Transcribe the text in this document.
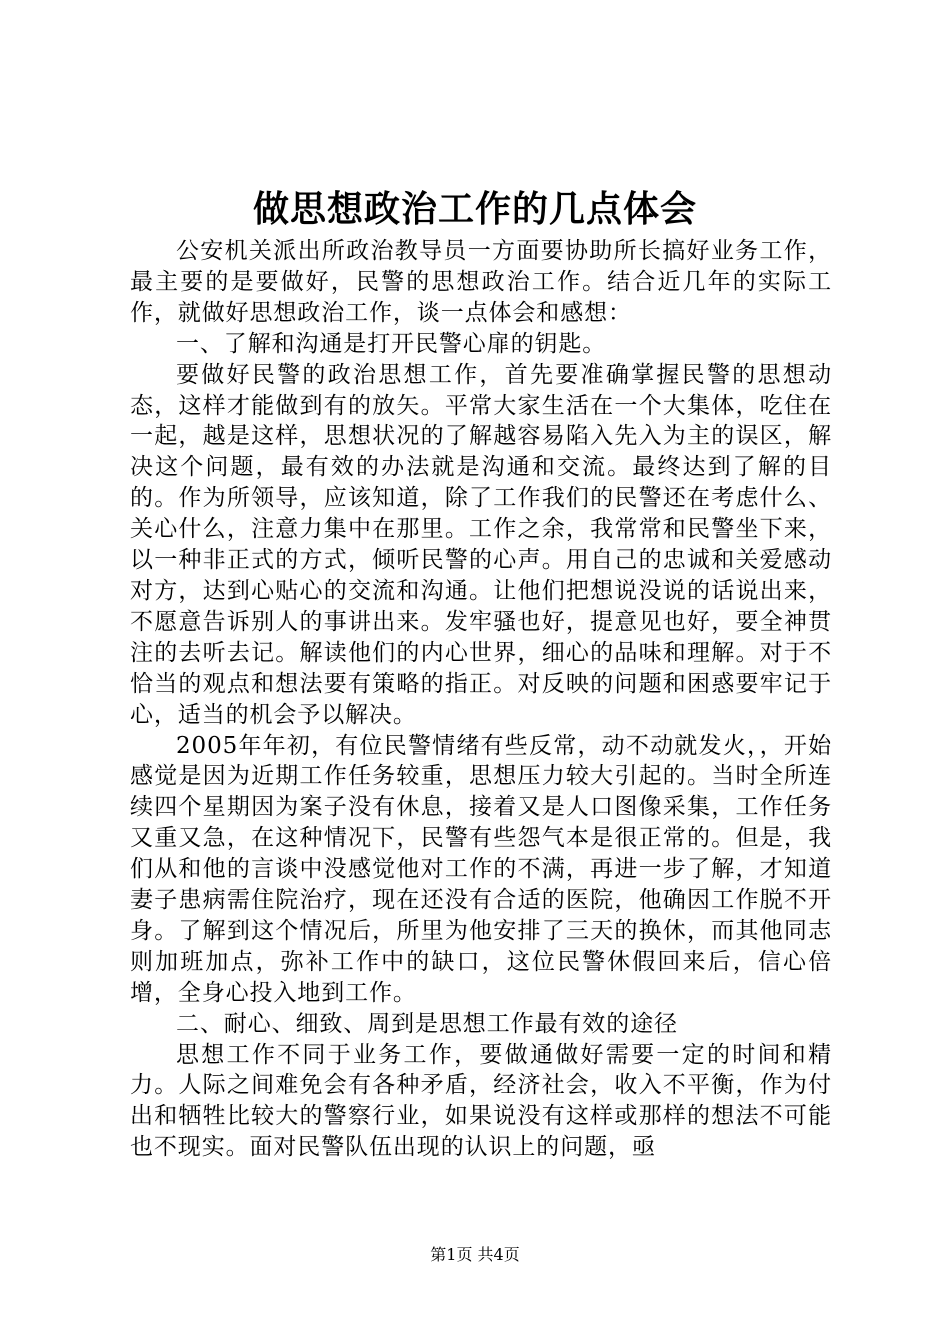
做思想政治工作的几点体会

公安机关派出所政治教导员一方面要协助所长搞好业务工作，最主要的是要做好，民警的思想政治工作。结合近几年的实际工作，就做好思想政治工作，谈一点体会和感想：

一、了解和沟通是打开民警心扉的钥匙。

要做好民警的政治思想工作，首先要准确掌握民警的思想动态，这样才能做到有的放矢。平常大家生活在一个大集体，吃住在一起，越是这样，思想状况的了解越容易陷入先入为主的误区，解决这个问题，最有效的办法就是沟通和交流。最终达到了解的目的。作为所领导，应该知道，除了工作我们的民警还在考虑什么、关心什么，注意力集中在那里。工作之余，我常常和民警坐下来，以一种非正式的方式，倾听民警的心声。用自己的忠诚和关爱感动对方，达到心贴心的交流和沟通。让他们把想说没说的话说出来，不愿意告诉别人的事讲出来。发牢骚也好，提意见也好，要全神贯注的去听去记。解读他们的内心世界，细心的品味和理解。对于不恰当的观点和想法要有策略的指正。对反映的问题和困惑要牢记于心，适当的机会予以解决。

2005年年初，有位民警情绪有些反常，动不动就发火，，开始感觉是因为近期工作任务较重，思想压力较大引起的。当时全所连续四个星期因为案子没有休息，接着又是人口图像采集，工作任务又重又急，在这种情况下，民警有些怨气本是很正常的。但是，我们从和他的言谈中没感觉他对工作的不满，再进一步了解，才知道妻子患病需住院治疗，现在还没有合适的医院，他确因工作脱不开身。了解到这个情况后，所里为他安排了三天的换休，而其他同志则加班加点，弥补工作中的缺口，这位民警休假回来后，信心倍增，全身心投入地到工作。

二、耐心、细致、周到是思想工作最有效的途径

思想工作不同于业务工作，要做通做好需要一定的时间和精力。人际之间难免会有各种矛盾，经济社会，收入不平衡，作为付出和牺牲比较大的警察行业，如果说没有这样或那样的想法不可能也不现实。面对民警队伍出现的认识上的问题，亟

第1页 共4页
